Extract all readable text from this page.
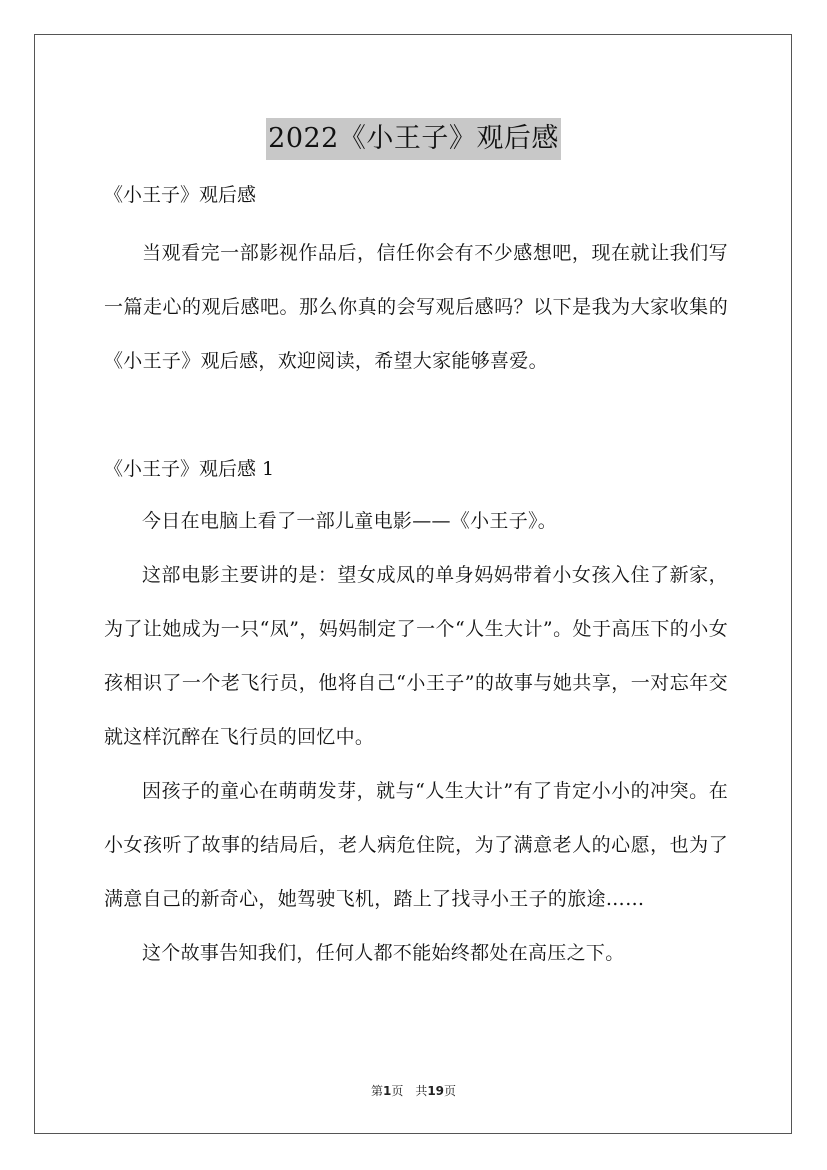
2022《小王子》观后感

《小王子》观后感

当观看完一部影视作品后，信任你会有不少感想吧，现在就让我们写一篇走心的观后感吧。那么你真的会写观后感吗？以下是我为大家收集的《小王子》观后感，欢迎阅读，希望大家能够喜爱。

《小王子》观后感 1

今日在电脑上看了一部儿童电影——《小王子》。

这部电影主要讲的是：望女成凤的单身妈妈带着小女孩入住了新家，为了让她成为一只“凤”，妈妈制定了一个“人生大计”。处于高压下的小女孩相识了一个老飞行员，他将自己“小王子”的故事与她共享，一对忘年交就这样沉醉在飞行员的回忆中。

因孩子的童心在萌萌发芽，就与“人生大计”有了肯定小小的冲突。在小女孩听了故事的结局后，老人病危住院，为了满意老人的心愿，也为了满意自己的新奇心，她驾驶飞机，踏上了找寻小王子的旅途……

这个故事告知我们，任何人都不能始终都处在高压之下。

第1页　共19页
